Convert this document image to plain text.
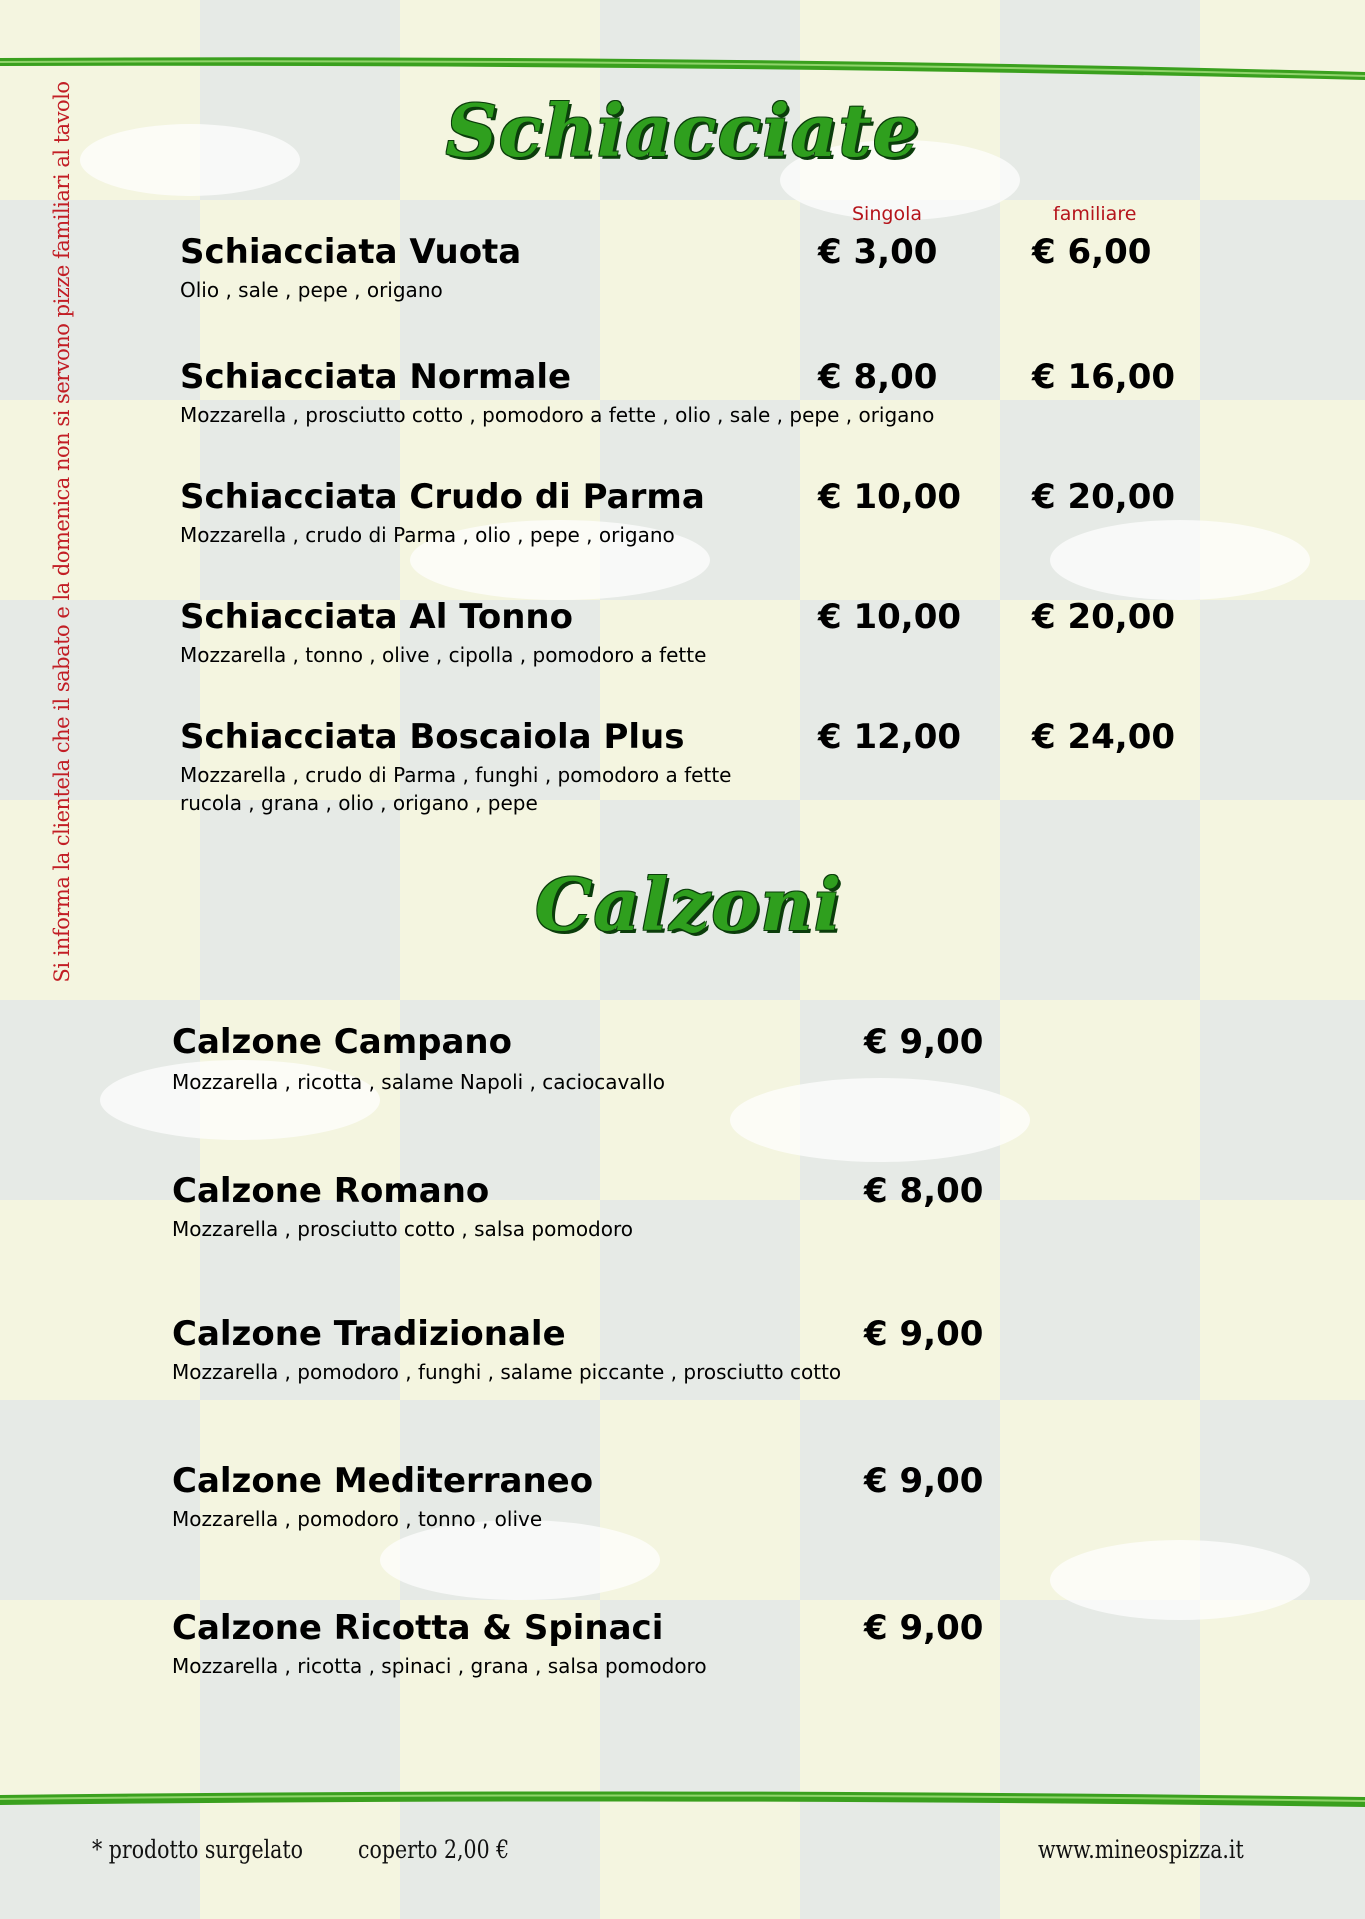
Si informa la clientela che il sabato e la domenica non si servono pizze familiari al tavolo	Schiacciate
Singola	familiare
Schiacciata Vuota
Olio , sale , pepe , origano
€ 3,00	€ 6,00
Schiacciata Normale
Mozzarella , prosciutto cotto , pomodoro a fette , olio , sale , pepe , origano
€ 8,00	€ 16,00
Schiacciata Crudo di Parma
Mozzarella , crudo di Parma , olio , pepe , origano
€ 10,00 € 20,00
Schiacciata Al Tonno
Mozzarella , tonno , olive , cipolla , pomodoro a fette
€ 10,00 € 20,00
Schiacciata Boscaiola Plus
Mozzarella , crudo di Parma , funghi , pomodoro a fette
rucola , grana , olio , origano , pepe
€ 12,00 € 24,00
Calzoni
Calzone Campano
Mozzarella , ricotta , salame Napoli , caciocavallo
€ 9,00
Calzone Romano
Mozzarella , prosciutto cotto , salsa pomodoro
€ 8,00
Calzone Tradizionale
Mozzarella , pomodoro , funghi , salame piccante , prosciutto cotto
€ 9,00
Calzone Mediterraneo
Mozzarella , pomodoro , tonno , olive
€ 9,00
Calzone Ricotta & Spinaci
Mozzarella , ricotta , spinaci , grana , salsa pomodoro
€ 9,00
* prodotto surgelato coperto 2,00 €	www.mineospizza.it
